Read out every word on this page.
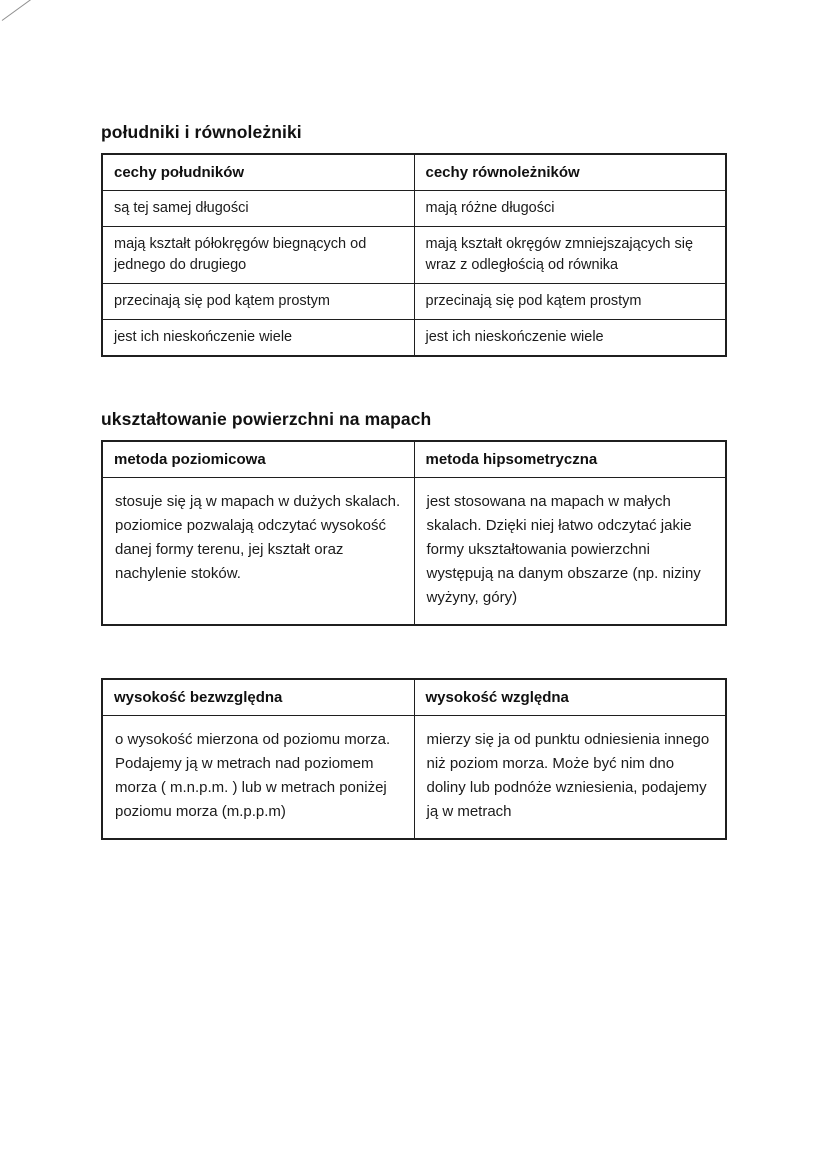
południki i równoleżniki
cechy południków	cechy równoleżników
są tej samej długości	mają różne długości
mają kształt półokręgów biegnących od jednego do drugiego	mają kształt okręgów zmniejszających się wraz z odległością od równika
przecinają się pod kątem prostym	przecinają się pod kątem prostym
jest ich nieskończenie wiele	jest ich nieskończenie wiele
ukształtowanie powierzchni na mapach
metoda poziomicowa	metoda hipsometryczna
stosuje się ją w mapach w dużych skalach. poziomice pozwalają odczytać wysokość danej formy terenu, jej kształt oraz nachylenie stoków.	jest stosowana na mapach w małych skalach. Dzięki niej łatwo odczytać jakie formy ukształtowania powierzchni występują na danym obszarze (np. niziny wyżyny, góry)
wysokość bezwzględna	wysokość względna
o wysokość mierzona od poziomu morza. Podajemy ją w metrach nad poziomem morza ( m.n.p.m. ) lub w metrach poniżej poziomu morza (m.p.p.m)	mierzy się ja od punktu odniesienia innego niż poziom morza. Może być nim dno doliny lub podnóże wzniesienia, podajemy ją w metrach
